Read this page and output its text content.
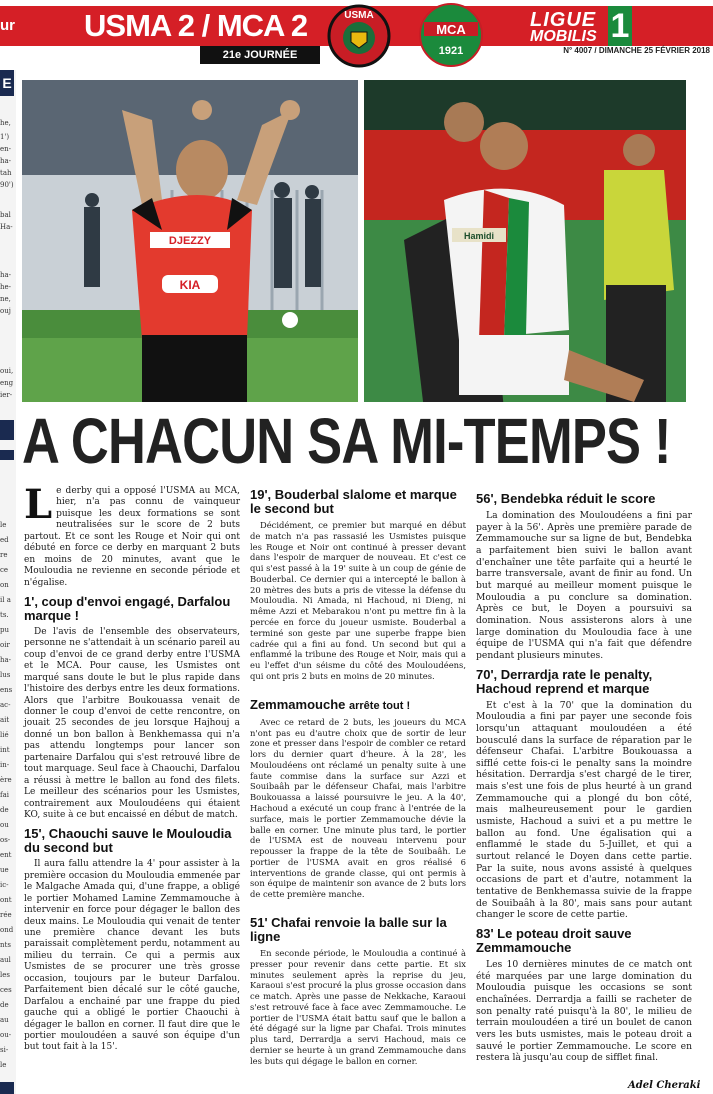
ur USMA 2 / MCA 2
21e JOURNÉE
USMA
MCA
1921
LIGUE
MOBILIS 1
N° 4007 / DIMANCHE 25 FÉVRIER 2018
E
he,
1')
en-
ha-
tah
90')
bal
Ha-
ha-
he-
ne,
ouj
oui,
eng
ier-
le
ed
re
ce
on
il a
ts.
pu
oir
ha-
lus
ens
ac-
ait
lié
int
in-
ère
fai
de
ou
os-
ent
ue
ic-
ont
rée
ond
nts
aul
les
ces
de
au
ou-
si-
le
DJEZZY
KIA
Hamidi
A CHACUN SA MI-TEMPS !

Le derby qui a opposé l'USMA au MCA, hier, n'a pas connu de vainqueur puisque les deux formations se sont neutralisées sur le score de 2 buts partout. Et ce sont les Rouge et Noir qui ont débuté en force ce derby en marquant 2 buts en moins de 20 minutes, avant que le Mouloudia ne revienne en seconde période et n'égalise.

1', coup d'envoi engagé, Darfalou marque !

De l'avis de l'ensemble des observateurs, personne ne s'attendait à un scénario pareil au coup d'envoi de ce grand derby entre l'USMA et le MCA. Pour cause, les Usmistes ont marqué sans doute le but le plus rapide dans l'histoire des derbys entre les deux formations. Alors que l'arbitre Boukouassa venait de donner le coup d'envoi de cette rencontre, on jouait 25 secondes de jeu lorsque Hajhouj a donné un bon ballon à Benkhemassa qui n'a pas attendu longtemps pour lancer son partenaire Darfalou qui s'est retrouvé libre de tout marquage. Seul face à Chaouchi, Darfalou a réussi à mettre le ballon au fond des filets. Le meilleur des scénarios pour les Usmistes, contrairement aux Mouloudéens qui étaient KO, suite à ce but encaissé en début de match.

15', Chaouchi sauve le Mouloudia du second but

Il aura fallu attendre la 4' pour assister à la première occasion du Mouloudia emmenée par le Malgache Amada qui, d'une frappe, a obligé le portier Mohamed Lamine Zemmamouche à intervenir en force pour dégager le ballon des deux mains. Le Mouloudia qui venait de tenter une première chance devant les buts paraissait complètement perdu, notamment au milieu du terrain. Ce qui a permis aux Usmistes de se procurer une très grosse occasion, toujours par le buteur Darfalou. Parfaitement bien décalé sur le côté gauche, Darfalou a enchainé par une frappe du pied gauche qui a obligé le portier Chaouchi à dégager le ballon en corner. Il faut dire que le portier mouloudéen a sauvé son équipe d'un but tout fait à la 15'.

19', Bouderbal slalome et marque le second but

Décidément, ce premier but marqué en début de match n'a pas rassasié les Usmistes puisque les Rouge et Noir ont continué à presser devant dans l'espoir de marquer de nouveau. Et c'est ce qui s'est passé à la 19' suite à un coup de génie de Bouderbal. Ce dernier qui a intercepté le ballon à 20 mètres des buts a pris de vitesse la défense du Mouloudia. Ni Amada, ni Hachoud, ni Dieng, ni même Azzi et Mebarakou n'ont pu mettre fin à la percée en force du joueur usmiste. Bouderbal a terminé son geste par une superbe frappe bien cadrée qui a fini au fond. Un second but qui a enflammé la tribune des Rouge et Noir, mais qui a eu l'effet d'un séisme du côté des Mouloudéens, qui ont pris 2 buts en moins de 20 minutes.

Zemmamouche arrête tout !

Avec ce retard de 2 buts, les joueurs du MCA n'ont pas eu d'autre choix que de sortir de leur zone et presser dans l'espoir de combler ce retard lors du dernier quart d'heure. À la 28', les Mouloudéens ont réclamé un penalty suite à une faute commise dans la surface sur Azzi et Souibaâh par le défenseur Chafai, mais l'arbitre Boukouassa a laissé poursuivre le jeu. A la 40', Hachoud a exécuté un coup franc à l'entrée de la surface, mais le portier Zemmamouche dévie la balle en corner. Une minute plus tard, le portier de l'USMA est de nouveau intervenu pour repousser la frappe de la tête de Souibaâh. Le portier de l'USMA avait en gros réalisé 6 interventions de grande classe, qui ont permis à son équipe de maintenir son avance de 2 buts lors de cette première manche.

51' Chafai renvoie la balle sur la ligne

En seconde période, le Mouloudia a continué à presser pour revenir dans cette partie. Et six minutes seulement après la reprise du jeu, Karaoui s'est procuré la plus grosse occasion dans ce match. Après une passe de Nekkache, Karaoui s'est retrouvé face à face avec Zemmamouche. Le portier de l'USMA était battu sauf que le ballon a été dégagé sur la ligne par Chafai. Trois minutes plus tard, Derrardja a servi Hachoud, mais ce dernier se heurte à un grand Zemmamouche dans les buts qui dégage le ballon en corner.

56', Bendebka réduit le score

La domination des Mouloudéens a fini par payer à la 56'. Après une première parade de Zemmamouche sur sa ligne de but, Bendebka a parfaitement bien suivi le ballon avant d'enchaîner une tête parfaite qui a heurté le barre transversale, avant de finir au fond. Un but marqué au meilleur moment puisque le Mouloudia a pu conclure sa domination. Après ce but, le Doyen a poursuivi sa domination. Nous assisterons alors à une large domination du Mouloudia face à une équipe de l'USMA qui n'a fait que défendre pendant plusieurs minutes.

70', Derrardja rate le penalty, Hachoud reprend et marque

Et c'est à la 70' que la domination du Mouloudia a fini par payer une seconde fois lorsqu'un attaquant mouloudéen a été bousculé dans la surface de réparation par le défenseur Chafai. L'arbitre Boukouassa a sifflé cette fois-ci le penalty sans la moindre hésitation. Derrardja s'est chargé de le tirer, mais s'est une fois de plus heurté à un grand Zemmamouche qui a plongé du bon côté, mais malheureusement pour le gardien usmiste, Hachoud a suivi et a pu mettre le ballon au fond. Une égalisation qui a enflammé le stade du 5-Juillet, et qui a surtout relancé le Doyen dans cette partie. Par la suite, nous avons assisté à quelques occasions de part et d'autre, notamment la tentative de Benkhemassa suivie de la frappe de Souibaâh à la 80', mais sans pour autant changer le score de cette partie.

83' Le poteau droit sauve Zemmamouche

Les 10 dernières minutes de ce match ont été marquées par une large domination du Mouloudia puisque les occasions se sont enchaînées. Derrardja a failli se racheter de son penalty raté puisqu'à la 80', le milieu de terrain mouloudéen a tiré un boulet de canon vers les buts usmistes, mais le poteau droit a sauvé le portier Zemmamouche. Le score en restera là jusqu'au coup de sifflet final.

Adel Cheraki
